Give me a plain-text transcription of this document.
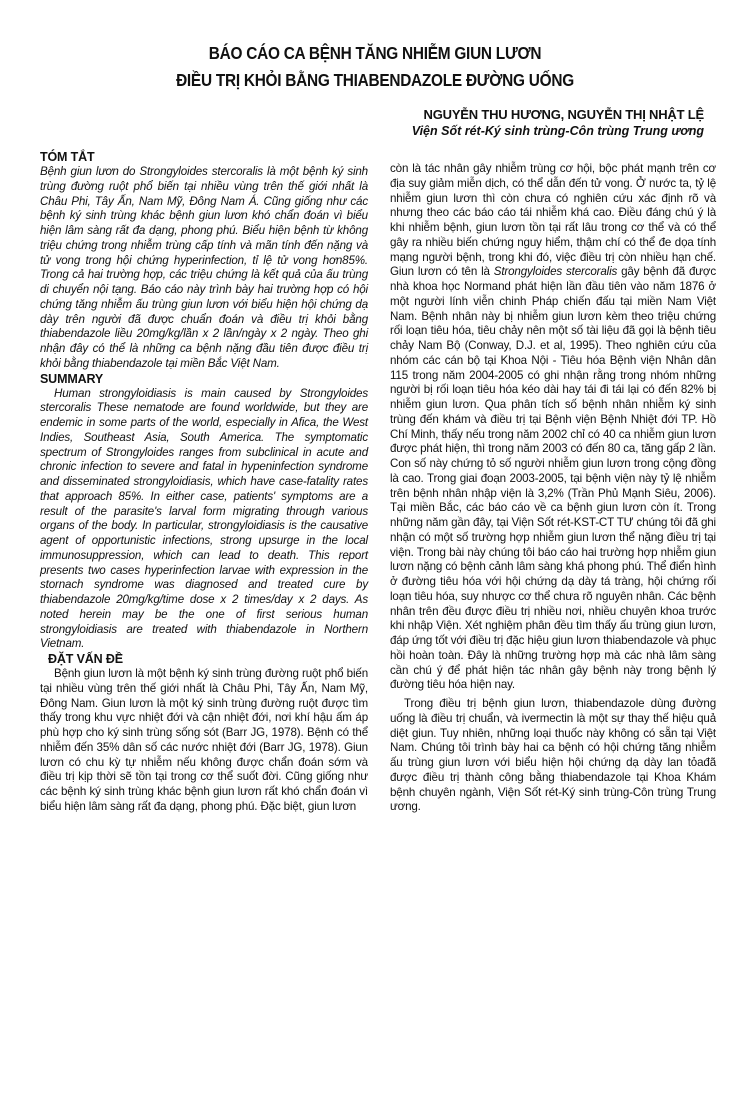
BÁO CÁO CA BỆNH TĂNG NHIỄM GIUN LƯƠN
ĐIỀU TRỊ KHỎI BẰNG THIABENDAZOLE ĐƯỜNG UỐNG
NGUYỄN THU HƯƠNG, NGUYỄN THỊ NHẬT LỆ
Viện Sốt rét-Ký sinh trùng-Côn trùng Trung ương

TÓM TẮT

Bệnh giun lươn do Strongyloides stercoralis là một bệnh ký sinh trùng đường ruột phổ biến tại nhiều vùng trên thế giới nhất là Châu Phi, Tây Ấn, Nam Mỹ, Đông Nam Á. Cũng giống như các bệnh ký sinh trùng khác bệnh giun lươn khó chẩn đoán vì biểu hiện lâm sàng rất đa dạng, phong phú. Biểu hiện bệnh từ không triệu chứng trong nhiễm trùng cấp tính và mãn tính đến nặng và tử vong trong hội chứng hyperinfection, tỉ lệ tử vong hơn85%. Trong cả hai trường hợp, các triệu chứng là kết quả của ấu trùng di chuyển nội tạng. Báo cáo này trình bày hai trường hợp có hội chứng tăng nhiễm ấu trùng giun lươn với biểu hiện hội chứng dạ dày trên người đã được chuẩn đoán và điều trị khỏi bằng thiabendazole liều 20mg/kg/lần x 2 lần/ngày x 2 ngày. Theo ghi nhận đây có thể là những ca bệnh nặng đầu tiên được điều trị khỏi bằng thiabendazole tại miền Bắc Việt Nam.

SUMMARY

Human strongyloidiasis is main caused by Strongyloides stercoralis These nematode are found worldwide, but they are endemic in some parts of the world, especially in Afica, the West Indies, Southeast Asia, South America. The symptomatic spectrum of Strongyloides ranges from subclinical in acute and chronic infection to severe and fatal in hypeninfection syndrome and disseminated strongyloidiasis, which have case-fatality rates that approach 85%. In either case, patients' symptoms are a result of the parasite's larval form migrating through various organs of the body. In particular, strongyloidiasis is the causative agent of opportunistic infections, strong upsurge in the local immunosuppression, which can lead to death. This report presents two cases hyperinfection larvae with expression in the stornach syndrome was diagnosed and treated cure by thiabendazole 20mg/kg/time dose x 2 times/day x 2 days. As noted herein may be the one of first serious human strongyloidiasis are treated with thiabendazole in Northern Vietnam.

ĐẶT VẤN ĐỀ

Bệnh giun lươn là một bệnh ký sinh trùng đường ruột phổ biến tại nhiều vùng trên thế giới nhất là Châu Phi, Tây Ấn, Nam Mỹ, Đông Nam. Giun lươn là một ký sinh trùng đường ruột được tìm thấy trong khu vực nhiệt đới và cận nhiệt đới, nơi khí hậu ấm áp phù hợp cho ký sinh trùng sống sót (Barr JG, 1978). Bệnh có thể nhiễm đến 35% dân số các nước nhiệt đới (Barr JG, 1978). Giun lươn có chu kỳ tự nhiễm nếu không được chẩn đoán sớm và điều trị kịp thời sẽ tồn tại trong cơ thể suốt đời. Cũng giống như các bệnh ký sinh trùng khác bệnh giun lươn rất khó chẩn đoán vì biểu hiện lâm sàng rất đa dạng, phong phú. Đặc biệt, giun lươn

còn là tác nhân gây nhiễm trùng cơ hội, bộc phát mạnh trên cơ địa suy giảm miễn dịch, có thể dẫn đến tử vong. Ở nước ta, tỷ lệ nhiễm giun lươn thì còn chưa có nghiên cứu xác định rõ và nhưng theo các báo cáo tái nhiễm khá cao. Điều đáng chú ý là khi nhiễm bệnh, giun lươn tồn tại rất lâu trong cơ thể và có thể gây ra nhiều biến chứng nguy hiểm, thậm chí có thể đe dọa tính mạng người bệnh, trong khi đó, việc điều trị còn nhiều hạn chế. Giun lươn có tên là Strongyloides stercoralis gây bệnh đã được nhà khoa học Normand phát hiện lần đầu tiên vào năm 1876 ở một người lính viễn chinh Pháp chiến đấu tại miền Nam Việt Nam. Bệnh nhân này bị nhiễm giun lươn kèm theo triệu chứng rối loạn tiêu hóa, tiêu chảy nên một số tài liệu đã gọi là bệnh tiêu chảy Nam Bộ (Conway, D.J. et al, 1995). Theo nghiên cứu của nhóm các cán bộ tại Khoa Nội - Tiêu hóa Bệnh viện Nhân dân 115 trong năm 2004-2005 có ghi nhận rằng trong nhóm những người bị rối loạn tiêu hóa kéo dài hay tái đi tái lại có đến 82% bị nhiễm giun lươn. Qua phân tích số bệnh nhân nhiễm ký sinh trùng đến khám và điều trị tại Bệnh viện Bệnh Nhiệt đới TP. Hồ Chí Minh, thấy nếu trong năm 2002 chỉ có 40 ca nhiễm giun lươn được phát hiện, thì trong năm 2003 có đến 80 ca, tăng gấp 2 lần. Con số này chứng tỏ số người nhiễm giun lươn trong cộng đồng là cao. Trong giai đoạn 2003-2005, tại bệnh viện này tỷ lệ nhiễm trên bệnh nhân nhập viện là 3,2% (Trần Phủ Mạnh Siêu, 2006). Tại miền Bắc, các báo cáo về ca bệnh giun lươn còn ít. Trong những năm gần đây, tại Viện Sốt rét-KST-CT TƯ chúng tôi đã ghi nhận có một số trường hợp nhiễm giun lươn thể nặng điều trị tại viện. Trong bài này chúng tôi báo cáo hai trường hợp nhiễm giun lươn nặng có bệnh cảnh lâm sàng khá phong phú. Thể điển hình ở đường tiêu hóa với hội chứng dạ dày tá tràng, hội chứng rối loạn tiêu hóa, suy nhược cơ thể chưa rõ nguyên nhân. Các bệnh nhân trên đều được điều trị nhiều nơi, nhiều chuyên khoa trước khi nhập Viện. Xét nghiệm phân đều tìm thấy ấu trùng giun lươn, đáp ứng tốt với điều trị đặc hiệu giun lươn thiabendazole và phục hồi hoàn toàn. Đây là những trường hợp mà các nhà lâm sàng cần chú ý để phát hiện tác nhân gây bệnh này trong bệnh lý đường tiêu hóa hiện nay.

Trong điều trị bệnh giun lươn, thiabendazole dùng đường uống là điều trị chuẩn, và ivermectin là một sự thay thế hiệu quả diệt giun. Tuy nhiên, những loại thuốc này không có sẵn tại Việt Nam. Chúng tôi trình bày hai ca bệnh có hội chứng tăng nhiễm ấu trùng giun lươn với biểu hiện hội chứng dạ dày lan tỏađã được điều trị thành công bằng thiabendazole tại Khoa Khám bệnh chuyên ngành, Viện Sốt rét-Ký sinh trùng-Côn trùng Trung ương.
